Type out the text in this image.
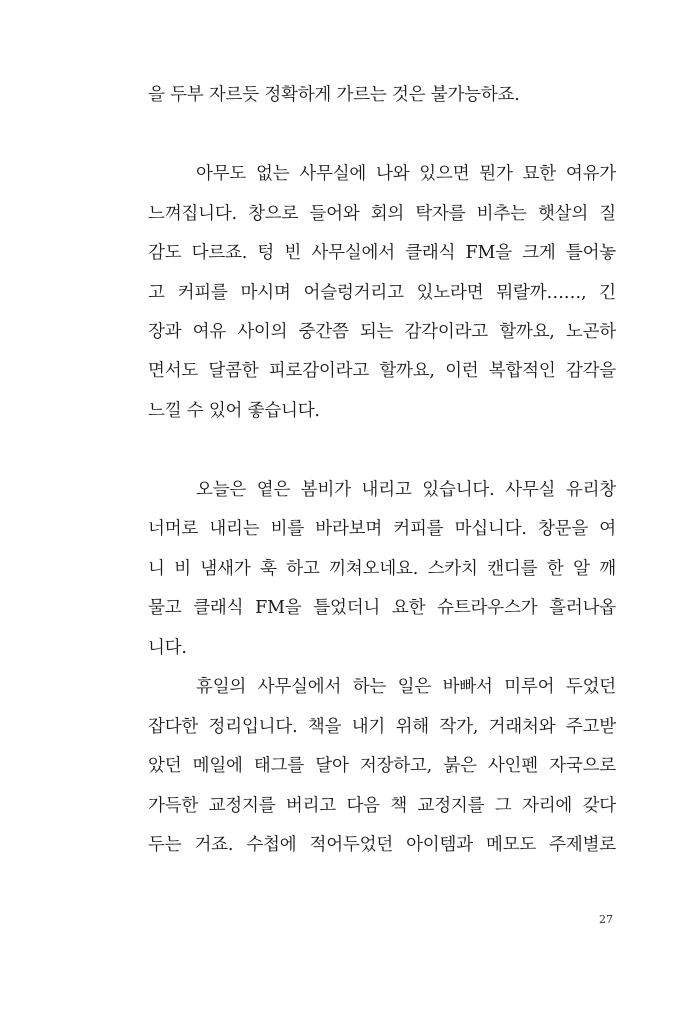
을 두부 자르듯 정확하게 가르는 것은 불가능하죠.
아무도 없는 사무실에 나와 있으면 뭔가 묘한 여유가
느껴집니다. 창으로 들어와 회의 탁자를 비추는 햇살의 질
감도 다르죠. 텅 빈 사무실에서 클래식 FM을 크게 틀어놓
고 커피를 마시며 어슬렁거리고 있노라면 뭐랄까……, 긴
장과 여유 사이의 중간쯤 되는 감각이라고 할까요, 노곤하
면서도 달콤한 피로감이라고 할까요, 이런 복합적인 감각을
느낄 수 있어 좋습니다.
오늘은 옅은 봄비가 내리고 있습니다. 사무실 유리창
너머로 내리는 비를 바라보며 커피를 마십니다. 창문을 여
니 비 냄새가 훅 하고 끼쳐오네요. 스카치 캔디를 한 알 깨
물고 클래식 FM을 틀었더니 요한 슈트라우스가 흘러나옵
니다.
휴일의 사무실에서 하는 일은 바빠서 미루어 두었던
잡다한 정리입니다. 책을 내기 위해 작가, 거래처와 주고받
았던 메일에 태그를 달아 저장하고, 붉은 사인펜 자국으로
가득한 교정지를 버리고 다음 책 교정지를 그 자리에 갖다
두는 거죠. 수첩에 적어두었던 아이템과 메모도 주제별로
27
